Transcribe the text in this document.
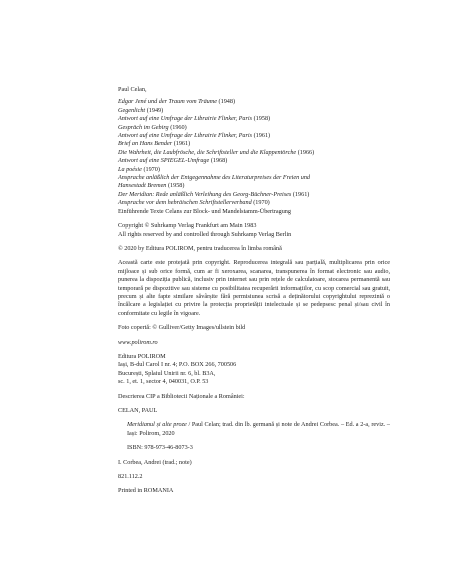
Paul Celan,
Edgar Jené und der Traum vom Träume (1948)
Gegenlicht (1949)
Antwort auf eine Umfrage der Librairie Flinker, Paris (1958)
Gespräch im Gebirg (1960)
Antwort auf eine Umfrage der Librairie Flinker, Paris (1961)
Brief an Hans Bender (1961)
Die Wahrheit, die Laubfrösche, die Schriftsteller und die Klappentörche (1966)
Antwort auf eine SPIEGEL-Umfrage (1968)
La poésie (1970)
Ansprache anläßlich der Entgegennahme des Literaturpreises der Freien und
Hansestadt Bremen (1958)
Der Meridian: Rede anläßlich Verleihung des Georg-Büchner-Preises (1961)
Ansprache vor dem hebräischen Schriftstellerverband (1970)
Einführende Texte Celans zur Block- und Mandelstamm-Übertragung
Copyright © Suhrkamp Verlag Frankfurt am Main 1983
All rights reserved by and controlled through Suhrkamp Verlag Berlin
© 2020 by Editura POLIROM, pentru traducerea în limba română
Această carte este protejată prin copyright. Reproducerea integrală sau parțială, multiplicarea prin orice mijloace și sub orice formă, cum ar fi xeroxarea, scanarea, transpunerea în format electronic sau audio, punerea la dispoziția publică, inclusiv prin internet sau prin rețele de calculatoare, stocarea permanentă sau temporară pe dispozitive sau sisteme cu posibilitatea recuperării informațiilor, cu scop comercial sau gratuit, precum și alte fapte similare săvârșite fără permisiunea scrisă a deținătorului copyrightului reprezintă o încălcare a legislației cu privire la protecția proprietății intelectuale și se pedepsesc penal și/sau civil în conformitate cu legile în vigoare.
Foto copertă: © Gulliver/Getty Images/ullstein bild
www.polirom.ro
Editura POLIROM
Iași, B-dul Carol I nr. 4; P.O. BOX 266, 700506
București, Splaiul Unirii nr. 6, bl. B3A,
sc. 1, et. 1, sector 4, 040031, O.P. 53
Descrierea CIP a Bibliotecii Naționale a României:
CELAN, PAUL
Meridianul și alte proze / Paul Celan; trad. din lb. germană și note de Andrei Corbea. – Ed. a 2-a, reviz. – Iași: Polirom, 2020
ISBN: 978-973-46-8073-3
I. Corbea, Andrei (trad.; note)
821.112.2
Printed in ROMANIA
